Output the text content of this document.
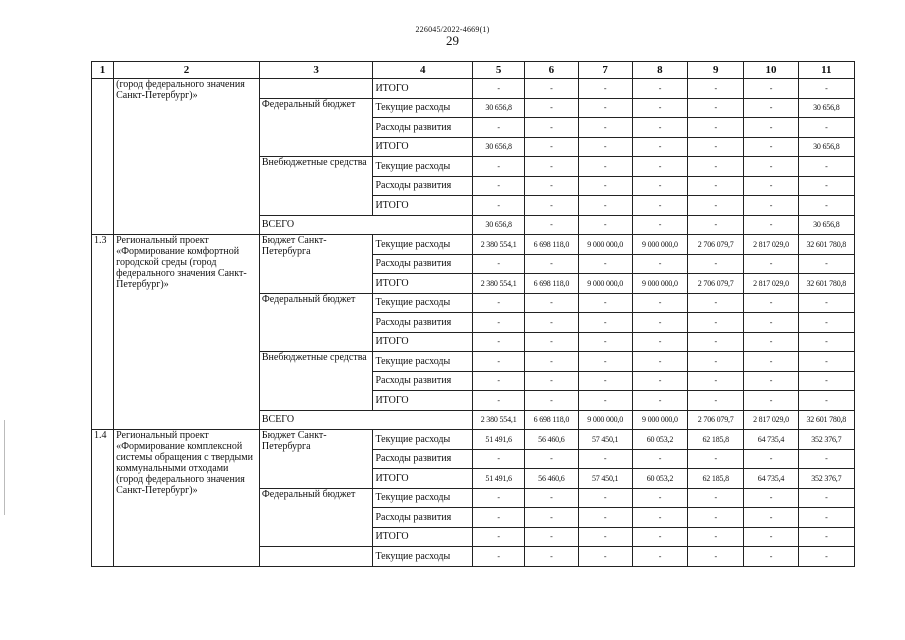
226045/2022-4669(1)
29
1	2	3	4	5	6	7	8	9	10	11
	(город федерального значения Санкт-Петербург)»		ИТОГО	-	-	-	-	-	-	-
		Федеральный бюджет	Текущие расходы	30 656,8	-	-	-	-	-	30 656,8
			Расходы развития	-	-	-	-	-	-	-
			ИТОГО	30 656,8	-	-	-	-	-	30 656,8
		Внебюджетные средства	Текущие расходы	-	-	-	-	-	-	-
			Расходы развития	-	-	-	-	-	-	-
			ИТОГО	-	-	-	-	-	-	-
		ВСЕГО		30 656,8	-	-	-	-	-	30 656,8
1.3	Региональный проект «Формирование комфортной городской среды (город федерального значения Санкт-Петербург)»	Бюджет Санкт-Петербурга	Текущие расходы	2 380 554,1	6 698 118,0	9 000 000,0	9 000 000,0	2 706 079,7	2 817 029,0	32 601 780,8
			Расходы развития	-	-	-	-	-	-	-
			ИТОГО	2 380 554,1	6 698 118,0	9 000 000,0	9 000 000,0	2 706 079,7	2 817 029,0	32 601 780,8
		Федеральный бюджет	Текущие расходы	-	-	-	-	-	-	-
			Расходы развития	-	-	-	-	-	-	-
			ИТОГО	-	-	-	-	-	-	-
		Внебюджетные средства	Текущие расходы	-	-	-	-	-	-	-
			Расходы развития	-	-	-	-	-	-	-
			ИТОГО	-	-	-	-	-	-	-
		ВСЕГО		2 380 554,1	6 698 118,0	9 000 000,0	9 000 000,0	2 706 079,7	2 817 029,0	32 601 780,8
1.4	Региональный проект «Формирование комплексной системы обращения с твердыми коммунальными отходами (город федерального значения Санкт-Петербург)»	Бюджет Санкт-Петербурга	Текущие расходы	51 491,6	56 460,6	57 450,1	60 053,2	62 185,8	64 735,4	352 376,7
			Расходы развития	-	-	-	-	-	-	-
			ИТОГО	51 491,6	56 460,6	57 450,1	60 053,2	62 185,8	64 735,4	352 376,7
		Федеральный бюджет	Текущие расходы	-	-	-	-	-	-	-
			Расходы развития	-	-	-	-	-	-	-
			ИТОГО	-	-	-	-	-	-	-
			Текущие расходы	-	-	-	-	-	-	-
